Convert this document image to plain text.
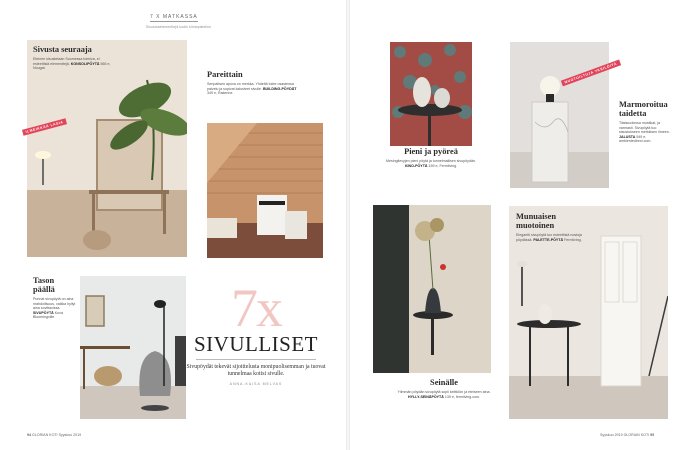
7 X MATKASSA
Sisustuselementtejä kodin kiintopisteiksi
Sivusta seuraaja
Eteinen sisustetaan Suomessa toimiva, ei esteettisiä elementtejä. KONSOLIPÖYTÄ 565 e, Nougat.
ILMEIKKÄÄ LASIA
Pareittain
Senpaitsen apuva on merkka. Yhdeltä tulee osastensa palvelu ja sopivat kalusteet sivulle. BUILDING-PÖYDÄT 349 e, Rakenne.
Tason päällä
Punnat sivupöytä on aina mahdollisuus, vaikka hyllyt aina sovittavissa. SIVUPÖYTÄ Kuva Bloomingville.	7x
SIVULLISET
Sivupöydät tekevät sijoittelusta monipuolisemman ja tuovat tunnelmaa kotisi sivulle.
ANNA-KAISA MELVAS
94 GLORIAN KOTI Syyskuu 2019
Pieni ja pyöreä
Mesingilevyjen pieni pöytä ja tunnelmallisen sivupöydän. KINO-PÖYTÄ 159 e, Fermliving.
MUOTOILTUJA YKSILÖITÄ
Marmoroitua taidetta
Tilaisuudessa mustikat, ja varmasti. Sivupöytä tuo sisustukseen merkkisen ilmeen. JALUSTA 549 e, ambientedirect.com.
Seinälle
Ylimmän pöydän sivupöytä sopii keittiöön ja eteiseen aina. HYLLY-SEINÄPÖYTÄ 139 e, fermliving.com.
Munuaisen muotoinen
Elegantti sivupöytä tuo esteettisiä nostoja pöydässä. PALETTE-PÖYTÄ Fermliving.
Syyskuu 2019 GLORIAN KOTI 95
